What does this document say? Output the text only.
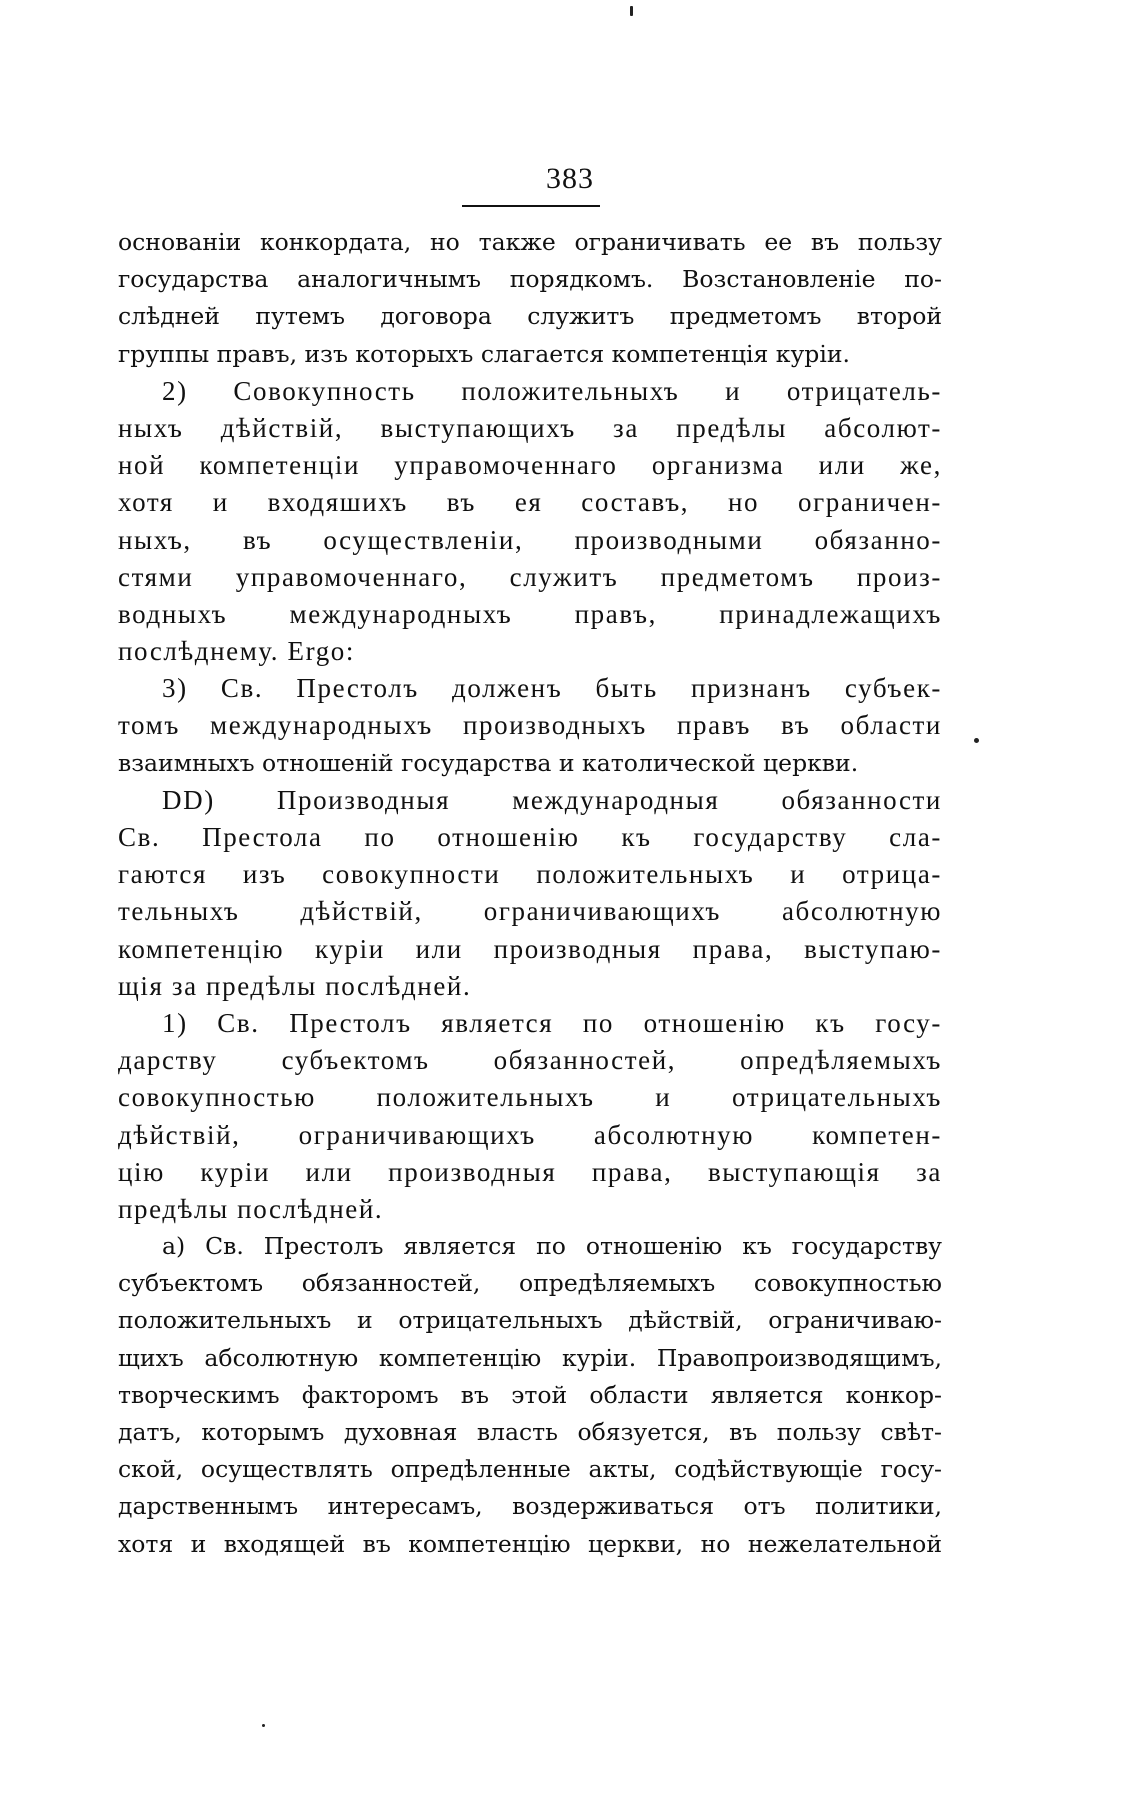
383
основанiи конкордата, но также ограничивать ее въ пользу
государства аналогичнымъ порядкомъ. Возстановленiе по-
слѣдней путемъ договора служитъ предметомъ второй
группы правъ, изъ которыхъ слагается компетенцiя курiи.
2) Совокупность положительныхъ и отрицатель-
ныхъ дѣйствiй, выступающихъ за предѣлы абсолют-
ной компетенцiи управомоченнаго организма или же,
хотя и входяшихъ въ ея составъ, но ограничен-
ныхъ, въ осуществленiи, производными обязанно-
стями управомоченнаго, служитъ предметомъ произ-
водныхъ международныхъ правъ, принадлежащихъ
послѣднему. Ergo:
3) Св. Престолъ долженъ быть признанъ субъек-
томъ международныхъ производныхъ правъ въ области
взаимныхъ отношенiй государства и католической церкви.
DD) Производныя международныя обязанности
Св. Престола по отношенiю къ государству сла-
гаются изъ совокупности положительныхъ и отрица-
тельныхъ дѣйствiй, ограничивающихъ абсолютную
компетенцiю курiи или производныя права, выступаю-
щiя за предѣлы послѣдней.
1) Св. Престолъ является по отношенiю къ госу-
дарству субъектомъ обязанностей, опредѣляемыхъ
совокупностью положительныхъ и отрицательныхъ
дѣйствiй, ограничивающихъ абсолютную компетен-
цiю курiи или производныя права, выступающiя за
предѣлы послѣдней.
а) Св. Престолъ является по отношенiю къ государству
субъектомъ обязанностей, опредѣляемыхъ совокупностью
положительныхъ и отрицательныхъ дѣйствiй, ограничиваю-
щихъ абсолютную компетенцiю курiи. Правопроизводящимъ,
творческимъ факторомъ въ этой области является конкор-
датъ, которымъ духовная власть обязуется, въ пользу свѣт-
ской, осуществлять опредѣленные акты, содѣйствующiе госу-
дарственнымъ интересамъ, воздерживаться отъ политики,
хотя и входящей въ компетенцiю церкви, но нежелательной
